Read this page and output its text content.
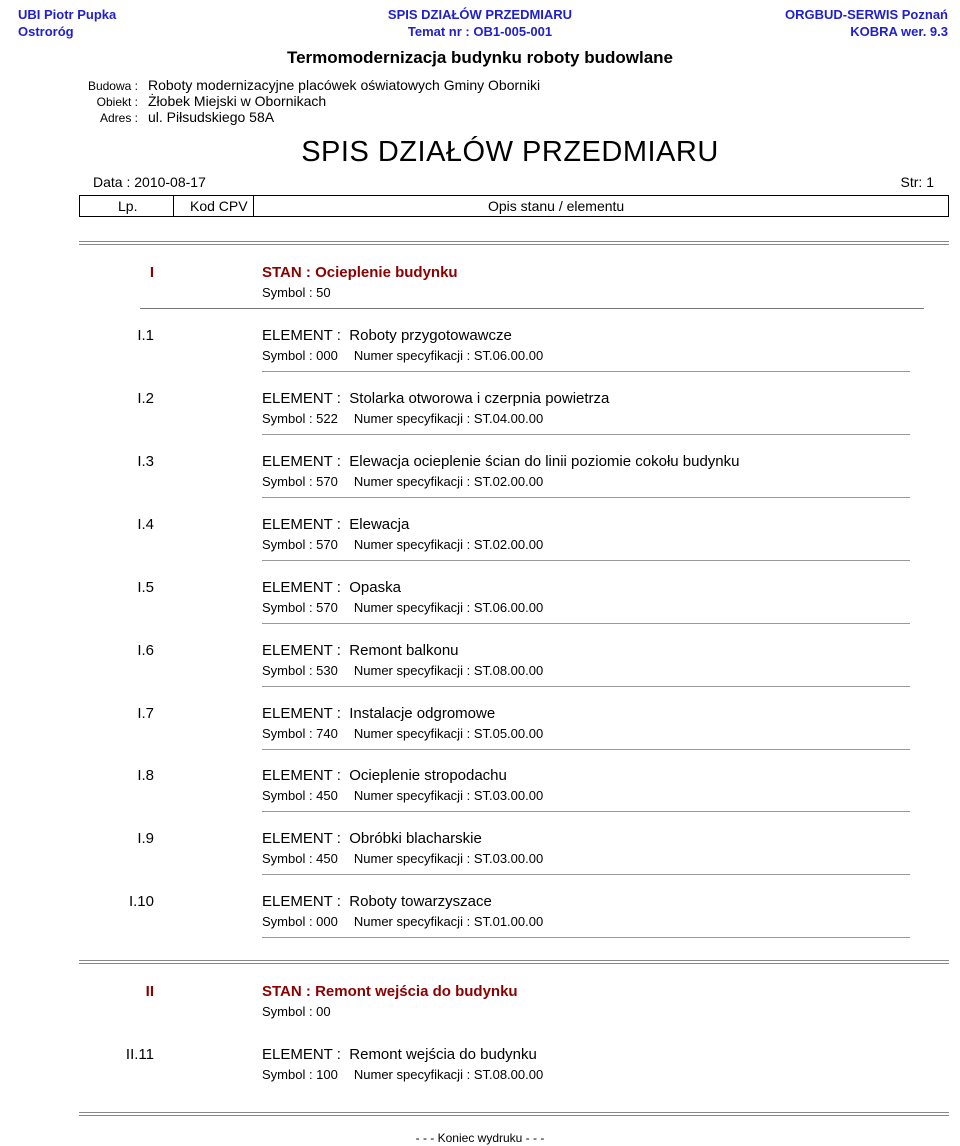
UBI Piotr Pupka
Ostroróg
SPIS DZIAŁÓW PRZEDMIARU
Temat nr : OB1-005-001
ORGBUD-SERWIS Poznań
KOBRA wer. 9.3
Termomodernizacja budynku roboty budowlane
Budowa : Roboty modernizacyjne placówek oświatowych Gminy Oborniki
Obiekt : Żłobek Miejski w Obornikach
Adres : ul. Piłsudskiego 58A
SPIS DZIAŁÓW PRZEDMIARU
Data : 2010-08-17	Str: 1
Lp.	Kod CPV	Opis stanu / elementu
I	STAN : Ocieplenie budynku
Symbol : 50
I.1	ELEMENT : Roboty przygotowawcze
Symbol : 000 Numer specyfikacji : ST.06.00.00
I.2	ELEMENT : Stolarka otworowa i czerpnia powietrza
Symbol : 522 Numer specyfikacji : ST.04.00.00
I.3	ELEMENT : Elewacja ocieplenie ścian do linii poziomie cokołu budynku
Symbol : 570 Numer specyfikacji : ST.02.00.00
I.4	ELEMENT : Elewacja
Symbol : 570 Numer specyfikacji : ST.02.00.00
I.5	ELEMENT : Opaska
Symbol : 570 Numer specyfikacji : ST.06.00.00
I.6	ELEMENT : Remont balkonu
Symbol : 530 Numer specyfikacji : ST.08.00.00
I.7	ELEMENT : Instalacje odgromowe
Symbol : 740 Numer specyfikacji : ST.05.00.00
I.8	ELEMENT : Ocieplenie stropodachu
Symbol : 450 Numer specyfikacji : ST.03.00.00
I.9	ELEMENT : Obróbki blacharskie
Symbol : 450 Numer specyfikacji : ST.03.00.00
I.10	ELEMENT : Roboty towarzyszace
Symbol : 000 Numer specyfikacji : ST.01.00.00
II	STAN : Remont wejścia do budynku
Symbol : 00
II.11	ELEMENT : Remont wejścia do budynku
Symbol : 100 Numer specyfikacji : ST.08.00.00
- - - Koniec wydruku - - -
